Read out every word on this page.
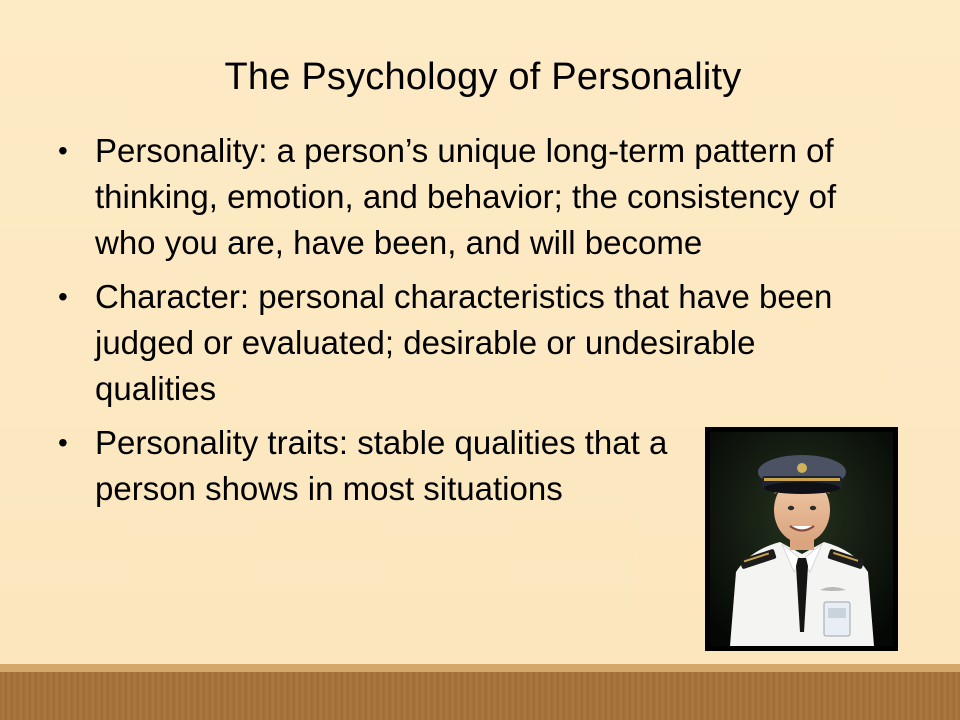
The Psychology of Personality
• Personality: a person’s unique long-term pattern of thinking, emotion, and behavior; the consistency of who you are, have been, and will become
• Character: personal characteristics that have been judged or evaluated; desirable or undesirable qualities
• Personality traits: stable qualities that a person shows in most situations
